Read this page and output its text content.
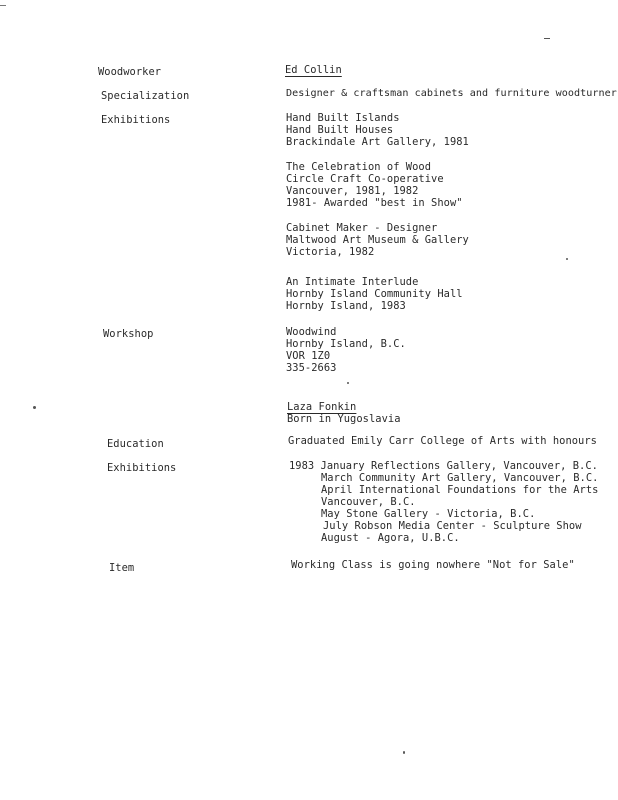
Woodworker	Ed Collin
Specialization	Designer & craftsman cabinets and furniture woodturner
Exhibitions	Hand Built Islands
Hand Built Houses
Brackindale Art Gallery, 1981
The Celebration of Wood
Circle Craft Co-operative
Vancouver, 1981, 1982
1981- Awarded "best in Show"
Cabinet Maker - Designer
Maltwood Art Museum & Gallery
Victoria, 1982
An Intimate Interlude
Hornby Island Community Hall
Hornby Island, 1983
Workshop	Woodwind
Hornby Island, B.C.
VOR 1Z0
335-2663
Laza Fonkin
Born in Yugoslavia
Education	Graduated Emily Carr College of Arts with honours
Exhibitions	1983 January Reflections Gallery, Vancouver, B.C.
March Community Art Gallery, Vancouver, B.C.
April International Foundations for the Arts
Vancouver, B.C.
May Stone Gallery - Victoria, B.C.
July Robson Media Center - Sculpture Show
August - Agora, U.B.C.
Item	Working Class is going nowhere "Not for Sale"
